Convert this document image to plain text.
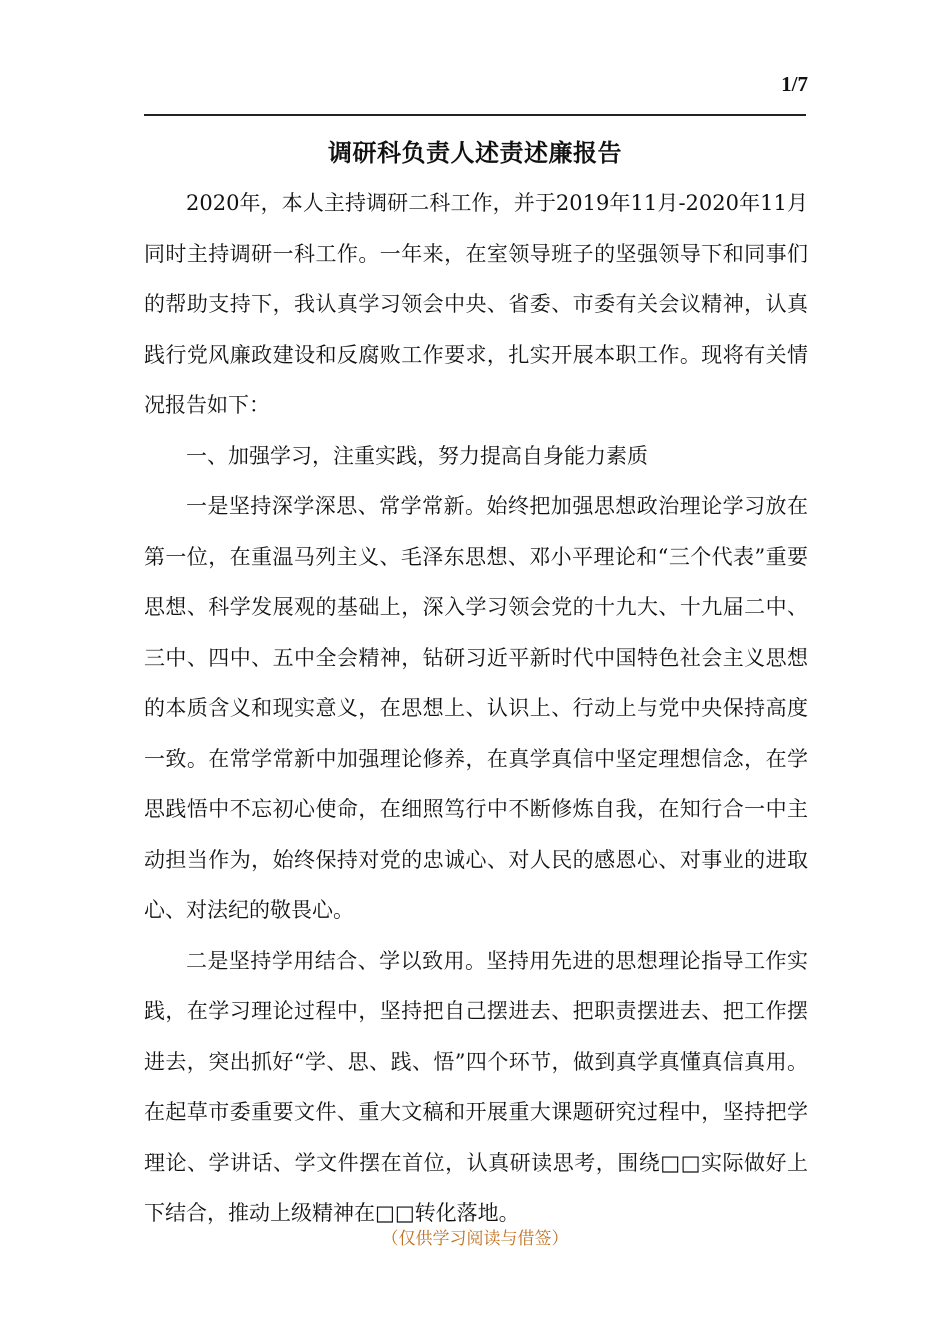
1/7
调研科负责人述责述廉报告

2020年，本人主持调研二科工作，并于2019年11月-2020年11月同时主持调研一科工作。一年来，在室领导班子的坚强领导下和同事们的帮助支持下，我认真学习领会中央、省委、市委有关会议精神，认真践行党风廉政建设和反腐败工作要求，扎实开展本职工作。现将有关情况报告如下：

一、加强学习，注重实践，努力提高自身能力素质

一是坚持深学深思、常学常新。始终把加强思想政治理论学习放在第一位，在重温马列主义、毛泽东思想、邓小平理论和“三个代表”重要思想、科学发展观的基础上，深入学习领会党的十九大、十九届二中、三中、四中、五中全会精神，钻研习近平新时代中国特色社会主义思想的本质含义和现实意义，在思想上、认识上、行动上与党中央保持高度一致。在常学常新中加强理论修养，在真学真信中坚定理想信念，在学思践悟中不忘初心使命，在细照笃行中不断修炼自我，在知行合一中主动担当作为，始终保持对党的忠诚心、对人民的感恩心、对事业的进取心、对法纪的敬畏心。

二是坚持学用结合、学以致用。坚持用先进的思想理论指导工作实践，在学习理论过程中，坚持把自己摆进去、把职责摆进去、把工作摆进去，突出抓好“学、思、践、悟”四个环节，做到真学真懂真信真用。在起草市委重要文件、重大文稿和开展重大课题研究过程中，坚持把学理论、学讲话、学文件摆在首位，认真研读思考，围绕□□实际做好上下结合，推动上级精神在□□转化落地。

（仅供学习阅读与借签）
